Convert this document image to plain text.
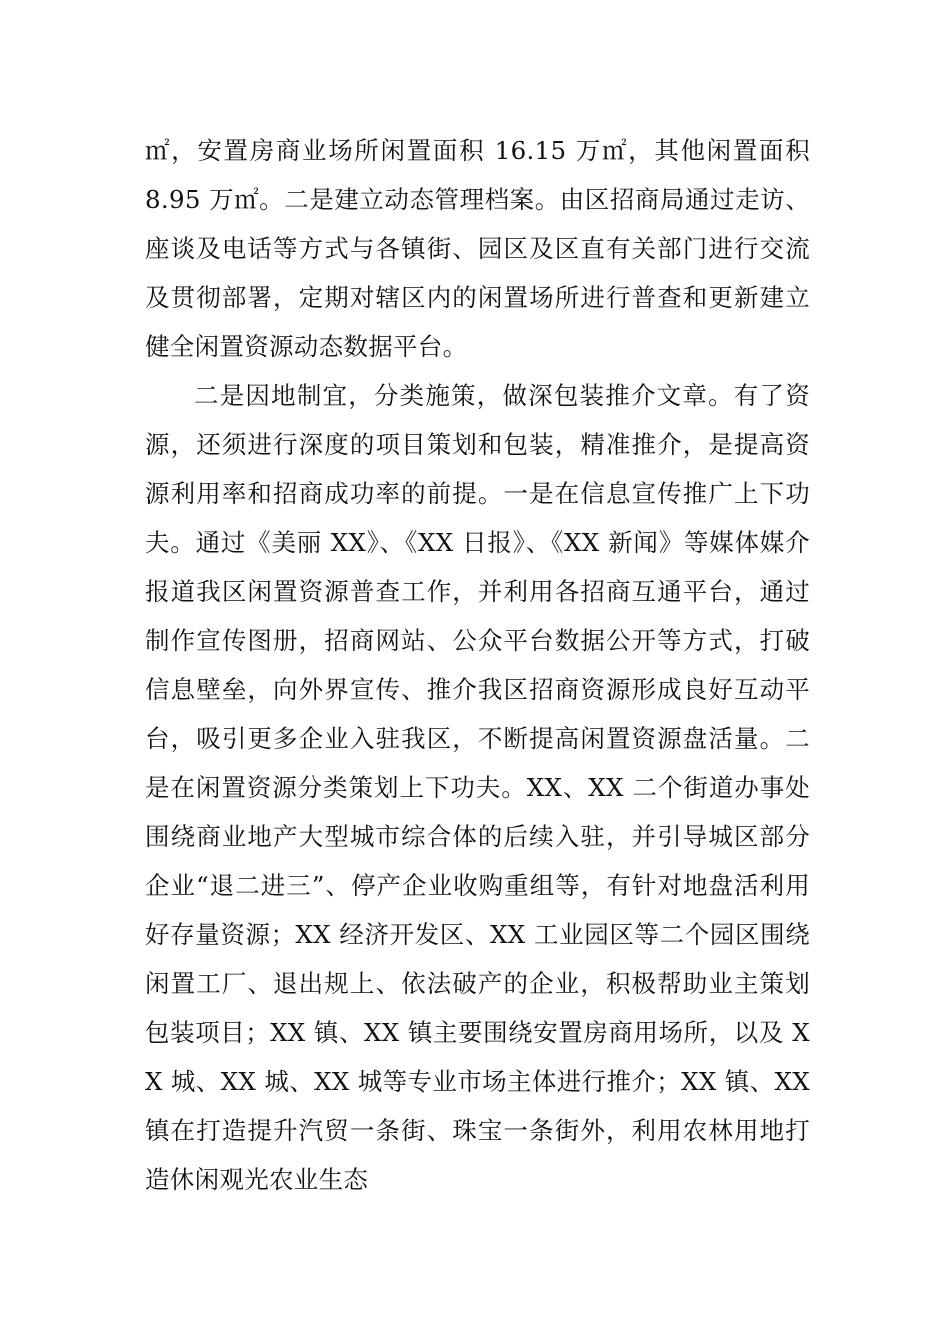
㎡，安置房商业场所闲置面积 16.15 万㎡，其他闲置面积 8.95 万㎡。二是建立动态管理档案。由区招商局通过走访、座谈及电话等方式与各镇街、园区及区直有关部门进行交流及贯彻部署，定期对辖区内的闲置场所进行普查和更新建立健全闲置资源动态数据平台。

二是因地制宜，分类施策，做深包装推介文章。有了资源，还须进行深度的项目策划和包装，精准推介，是提高资源利用率和招商成功率的前提。一是在信息宣传推广上下功夫。通过《美丽 XX》、《XX 日报》、《XX 新闻》等媒体媒介报道我区闲置资源普查工作，并利用各招商互通平台，通过制作宣传图册，招商网站、公众平台数据公开等方式，打破信息壁垒，向外界宣传、推介我区招商资源形成良好互动平台，吸引更多企业入驻我区，不断提高闲置资源盘活量。二是在闲置资源分类策划上下功夫。XX、XX 二个街道办事处围绕商业地产大型城市综合体的后续入驻，并引导城区部分企业“退二进三”、停产企业收购重组等，有针对地盘活利用好存量资源；XX 经济开发区、XX 工业园区等二个园区围绕闲置工厂、退出规上、依法破产的企业，积极帮助业主策划包装项目；XX 镇、XX 镇主要围绕安置房商用场所，以及 XX 城、XX 城、XX 城等专业市场主体进行推介；XX 镇、XX 镇在打造提升汽贸一条街、珠宝一条街外，利用农林用地打造休闲观光农业生态
